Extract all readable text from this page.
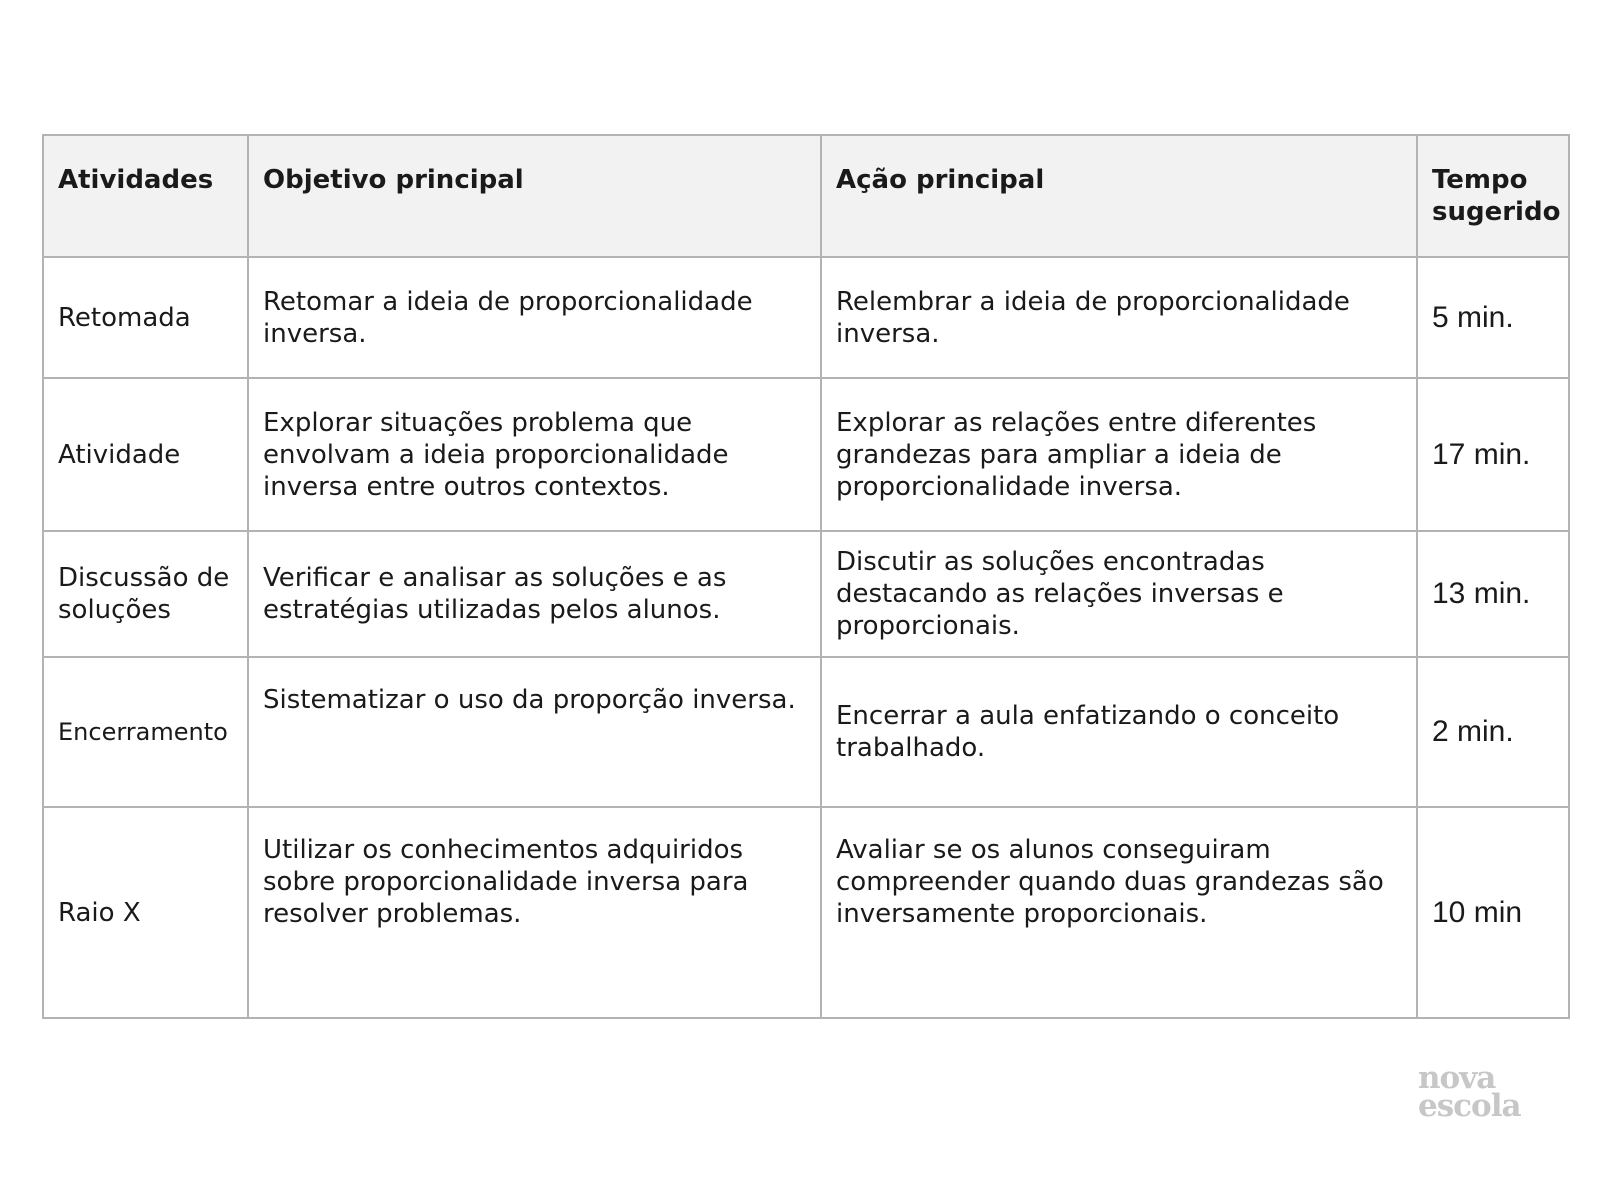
Atividades	Objetivo principal	Ação principal	Tempo sugerido
Retomada	Retomar a ideia de proporcionalidade inversa.	Relembrar a ideia de proporcionalidade inversa.	5 min.
Atividade	Explorar situações problema que envolvam a ideia proporcionalidade inversa entre outros contextos.	Explorar as relações entre diferentes grandezas para ampliar a ideia de proporcionalidade inversa.	17 min.
Discussão de soluções	Verificar e analisar as soluções e as estratégias utilizadas pelos alunos.	Discutir as soluções encontradas destacando as relações inversas e proporcionais.	13 min.
Encerramento	Sistematizar o uso da proporção inversa.	Encerrar a aula enfatizando o conceito trabalhado.	2 min.
Raio X	Utilizar os conhecimentos adquiridos sobre proporcionalidade inversa para resolver problemas.	Avaliar se os alunos conseguiram compreender quando duas grandezas são inversamente proporcionais.	10 min
nova
escola
